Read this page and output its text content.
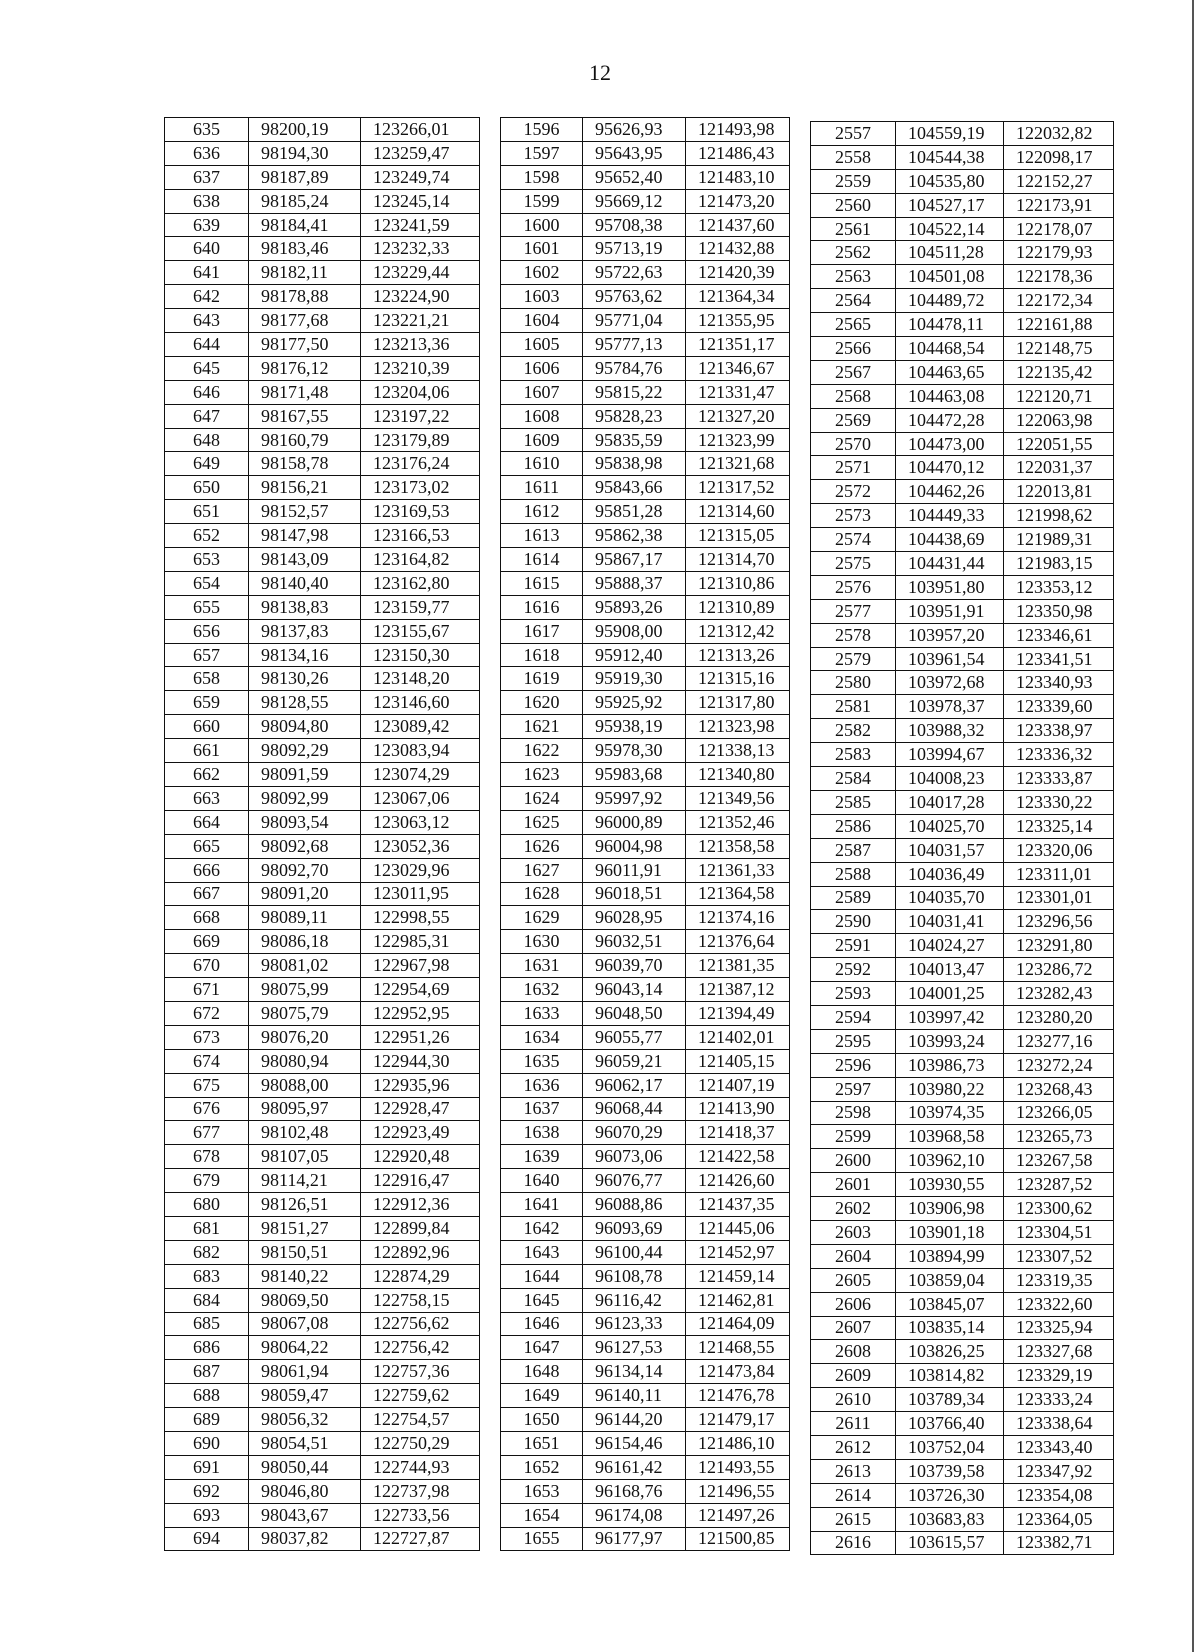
12
635	98200,19	123266,01
636	98194,30	123259,47
637	98187,89	123249,74
638	98185,24	123245,14
639	98184,41	123241,59
640	98183,46	123232,33
641	98182,11	123229,44
642	98178,88	123224,90
643	98177,68	123221,21
644	98177,50	123213,36
645	98176,12	123210,39
646	98171,48	123204,06
647	98167,55	123197,22
648	98160,79	123179,89
649	98158,78	123176,24
650	98156,21	123173,02
651	98152,57	123169,53
652	98147,98	123166,53
653	98143,09	123164,82
654	98140,40	123162,80
655	98138,83	123159,77
656	98137,83	123155,67
657	98134,16	123150,30
658	98130,26	123148,20
659	98128,55	123146,60
660	98094,80	123089,42
661	98092,29	123083,94
662	98091,59	123074,29
663	98092,99	123067,06
664	98093,54	123063,12
665	98092,68	123052,36
666	98092,70	123029,96
667	98091,20	123011,95
668	98089,11	122998,55
669	98086,18	122985,31
670	98081,02	122967,98
671	98075,99	122954,69
672	98075,79	122952,95
673	98076,20	122951,26
674	98080,94	122944,30
675	98088,00	122935,96
676	98095,97	122928,47
677	98102,48	122923,49
678	98107,05	122920,48
679	98114,21	122916,47
680	98126,51	122912,36
681	98151,27	122899,84
682	98150,51	122892,96
683	98140,22	122874,29
684	98069,50	122758,15
685	98067,08	122756,62
686	98064,22	122756,42
687	98061,94	122757,36
688	98059,47	122759,62
689	98056,32	122754,57
690	98054,51	122750,29
691	98050,44	122744,93
692	98046,80	122737,98
693	98043,67	122733,56
694	98037,82	122727,87
1596	95626,93	121493,98
1597	95643,95	121486,43
1598	95652,40	121483,10
1599	95669,12	121473,20
1600	95708,38	121437,60
1601	95713,19	121432,88
1602	95722,63	121420,39
1603	95763,62	121364,34
1604	95771,04	121355,95
1605	95777,13	121351,17
1606	95784,76	121346,67
1607	95815,22	121331,47
1608	95828,23	121327,20
1609	95835,59	121323,99
1610	95838,98	121321,68
1611	95843,66	121317,52
1612	95851,28	121314,60
1613	95862,38	121315,05
1614	95867,17	121314,70
1615	95888,37	121310,86
1616	95893,26	121310,89
1617	95908,00	121312,42
1618	95912,40	121313,26
1619	95919,30	121315,16
1620	95925,92	121317,80
1621	95938,19	121323,98
1622	95978,30	121338,13
1623	95983,68	121340,80
1624	95997,92	121349,56
1625	96000,89	121352,46
1626	96004,98	121358,58
1627	96011,91	121361,33
1628	96018,51	121364,58
1629	96028,95	121374,16
1630	96032,51	121376,64
1631	96039,70	121381,35
1632	96043,14	121387,12
1633	96048,50	121394,49
1634	96055,77	121402,01
1635	96059,21	121405,15
1636	96062,17	121407,19
1637	96068,44	121413,90
1638	96070,29	121418,37
1639	96073,06	121422,58
1640	96076,77	121426,60
1641	96088,86	121437,35
1642	96093,69	121445,06
1643	96100,44	121452,97
1644	96108,78	121459,14
1645	96116,42	121462,81
1646	96123,33	121464,09
1647	96127,53	121468,55
1648	96134,14	121473,84
1649	96140,11	121476,78
1650	96144,20	121479,17
1651	96154,46	121486,10
1652	96161,42	121493,55
1653	96168,76	121496,55
1654	96174,08	121497,26
1655	96177,97	121500,85
2557	104559,19	122032,82
2558	104544,38	122098,17
2559	104535,80	122152,27
2560	104527,17	122173,91
2561	104522,14	122178,07
2562	104511,28	122179,93
2563	104501,08	122178,36
2564	104489,72	122172,34
2565	104478,11	122161,88
2566	104468,54	122148,75
2567	104463,65	122135,42
2568	104463,08	122120,71
2569	104472,28	122063,98
2570	104473,00	122051,55
2571	104470,12	122031,37
2572	104462,26	122013,81
2573	104449,33	121998,62
2574	104438,69	121989,31
2575	104431,44	121983,15
2576	103951,80	123353,12
2577	103951,91	123350,98
2578	103957,20	123346,61
2579	103961,54	123341,51
2580	103972,68	123340,93
2581	103978,37	123339,60
2582	103988,32	123338,97
2583	103994,67	123336,32
2584	104008,23	123333,87
2585	104017,28	123330,22
2586	104025,70	123325,14
2587	104031,57	123320,06
2588	104036,49	123311,01
2589	104035,70	123301,01
2590	104031,41	123296,56
2591	104024,27	123291,80
2592	104013,47	123286,72
2593	104001,25	123282,43
2594	103997,42	123280,20
2595	103993,24	123277,16
2596	103986,73	123272,24
2597	103980,22	123268,43
2598	103974,35	123266,05
2599	103968,58	123265,73
2600	103962,10	123267,58
2601	103930,55	123287,52
2602	103906,98	123300,62
2603	103901,18	123304,51
2604	103894,99	123307,52
2605	103859,04	123319,35
2606	103845,07	123322,60
2607	103835,14	123325,94
2608	103826,25	123327,68
2609	103814,82	123329,19
2610	103789,34	123333,24
2611	103766,40	123338,64
2612	103752,04	123343,40
2613	103739,58	123347,92
2614	103726,30	123354,08
2615	103683,83	123364,05
2616	103615,57	123382,71
